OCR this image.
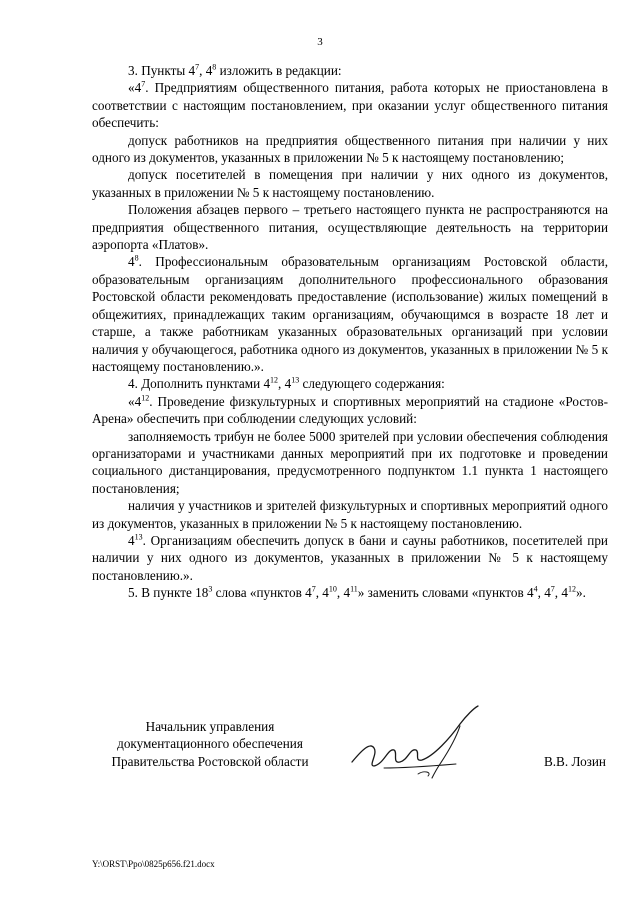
3

3. Пункты $4^7$, $4^8$ изложить в редакции:

«$4^7$. Предприятиям общественного питания, работа которых не приостановлена в соответствии с настоящим постановлением, при оказании услуг общественного питания обеспечить:

допуск работников на предприятия общественного питания при наличии у них одного из документов, указанных в приложении № 5 к настоящему постановлению;

допуск посетителей в помещения при наличии у них одного из документов, указанных в приложении № 5 к настоящему постановлению.

Положения абзацев первого – третьего настоящего пункта не распространяются на предприятия общественного питания, осуществляющие деятельность на территории аэропорта «Платов».

$4^8$. Профессиональным образовательным организациям Ростовской области, образовательным организациям дополнительного профессионального образования Ростовской области рекомендовать предоставление (использование) жилых помещений в общежитиях, принадлежащих таким организациям, обучающимся в возрасте 18 лет и старше, а также работникам указанных образовательных организаций при условии наличия у обучающегося, работника одного из документов, указанных в приложении № 5 к настоящему постановлению.».

4. Дополнить пунктами $4^{12}$, $4^{13}$ следующего содержания:

«$4^{12}$. Проведение физкультурных и спортивных мероприятий на стадионе «Ростов-Арена» обеспечить при соблюдении следующих условий:

заполняемость трибун не более 5000 зрителей при условии обеспечения соблюдения организаторами и участниками данных мероприятий при их подготовке и проведении социального дистанцирования, предусмотренного подпунктом 1.1 пункта 1 настоящего постановления;

наличия у участников и зрителей физкультурных и спортивных мероприятий одного из документов, указанных в приложении № 5 к настоящему постановлению.

$4^{13}$. Организациям обеспечить допуск в бани и сауны работников, посетителей при наличии у них одного из документов, указанных в приложении № 5 к настоящему постановлению.».

5. В пункте $18^3$ слова «пунктов $4^7$, $4^{10}$, $4^{11}$» заменить словами «пунктов $4^4$, $4^7$, $4^{12}$».

Начальник управления
документационного обеспечения
Правительства Ростовской области	В.В. Лозин
Y:\ORST\Ppo\0825p656.f21.docx
